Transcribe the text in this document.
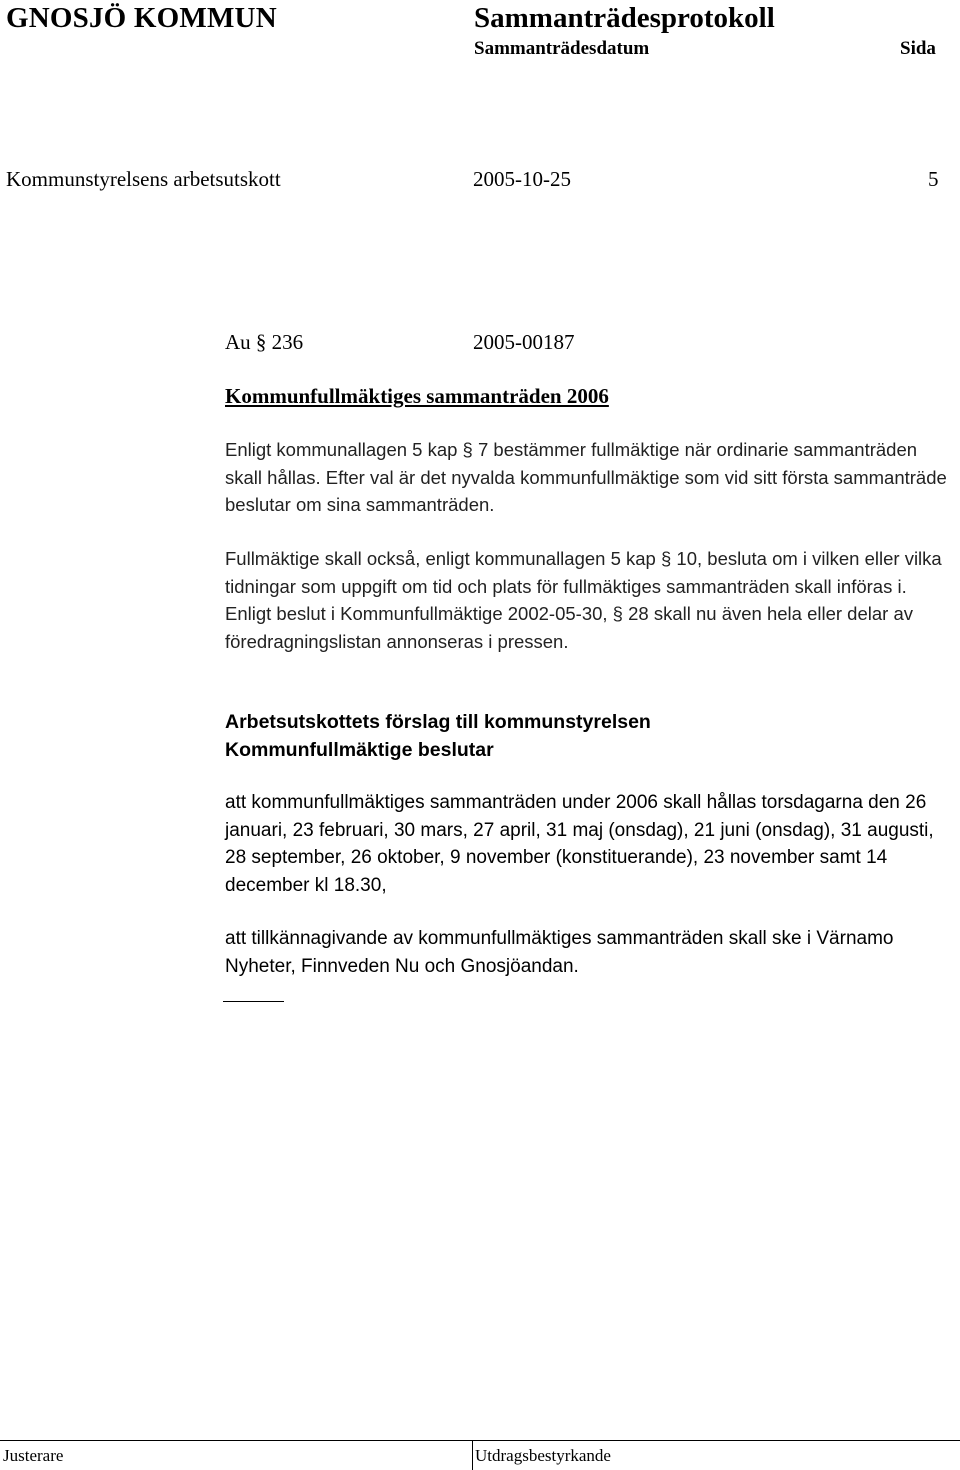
GNOSJÖ KOMMUN	Sammanträdesprotokoll
Sammanträdesdatum	Sida
Kommunstyrelsens arbetsutskott	2005-10-25	5
Au § 236	2005-00187
Kommunfullmäktiges sammanträden 2006
Enligt kommunallagen 5 kap § 7 bestämmer fullmäktige när ordinarie sammanträden skall hållas. Efter val är det nyvalda kommunfullmäktige som vid sitt första sammanträde beslutar om sina sammanträden.
Fullmäktige skall också, enligt kommunallagen 5 kap § 10, besluta om i vilken eller vilka tidningar som uppgift om tid och plats för fullmäktiges sammanträden skall införas i. Enligt beslut i Kommunfullmäktige 2002-05-30, § 28 skall nu även hela eller delar av föredragningslistan annonseras i pressen.
Arbetsutskottets förslag till kommunstyrelsen
Kommunfullmäktige beslutar
att kommunfullmäktiges sammanträden under 2006 skall hållas torsdagarna den 26 januari, 23 februari, 30 mars, 27 april, 31 maj (onsdag), 21 juni (onsdag), 31 augusti, 28 september, 26 oktober, 9 november (konstituerande), 23 november samt 14 december kl 18.30,
att tillkännagivande av kommunfullmäktiges sammanträden skall ske i Värnamo Nyheter, Finnveden Nu och Gnosjöandan.
Justerare	Utdragsbestyrkande
